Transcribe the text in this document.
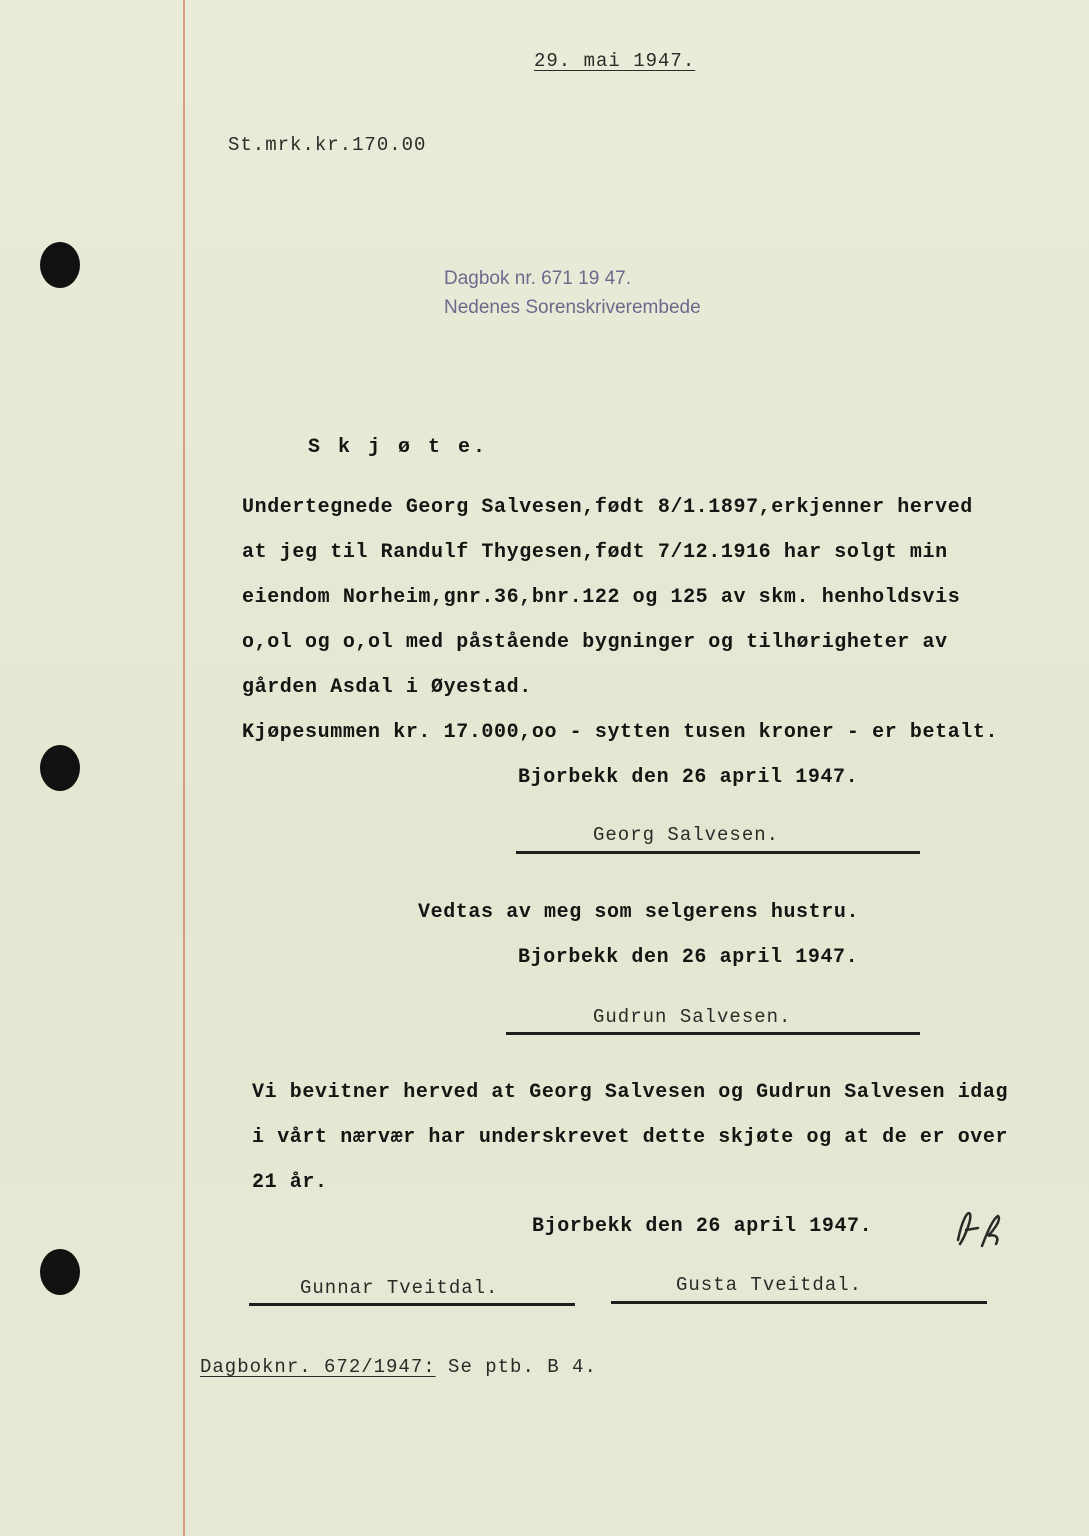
29. mai 1947.
St.mrk.kr.170.00
Dagbok nr. 671 19 47.
Nedenes Sorenskriverembede
S k j ø t e.
Undertegnede Georg Salvesen,født 8/1.1897,erkjenner herved
at jeg til Randulf Thygesen,født 7/12.1916 har solgt min
eiendom Norheim,gnr.36,bnr.122 og 125 av skm. henholdsvis
o,ol og o,ol med påstående bygninger og tilhørigheter av
gården Asdal i Øyestad.
Kjøpesummen kr. 17.000,oo - sytten tusen kroner - er betalt.
Bjorbekk den 26 april 1947.
Georg Salvesen.
Vedtas av meg som selgerens hustru.
Bjorbekk den 26 april 1947.
Gudrun Salvesen.
Vi bevitner herved at Georg Salvesen og Gudrun Salvesen idag
i vårt nærvær har underskrevet dette skjøte og at de er over
21 år.
Bjorbekk den 26 april 1947.
Gunnar Tveitdal.	Gusta Tveitdal.
Dagboknr. 672/1947: Se ptb. B 4.
